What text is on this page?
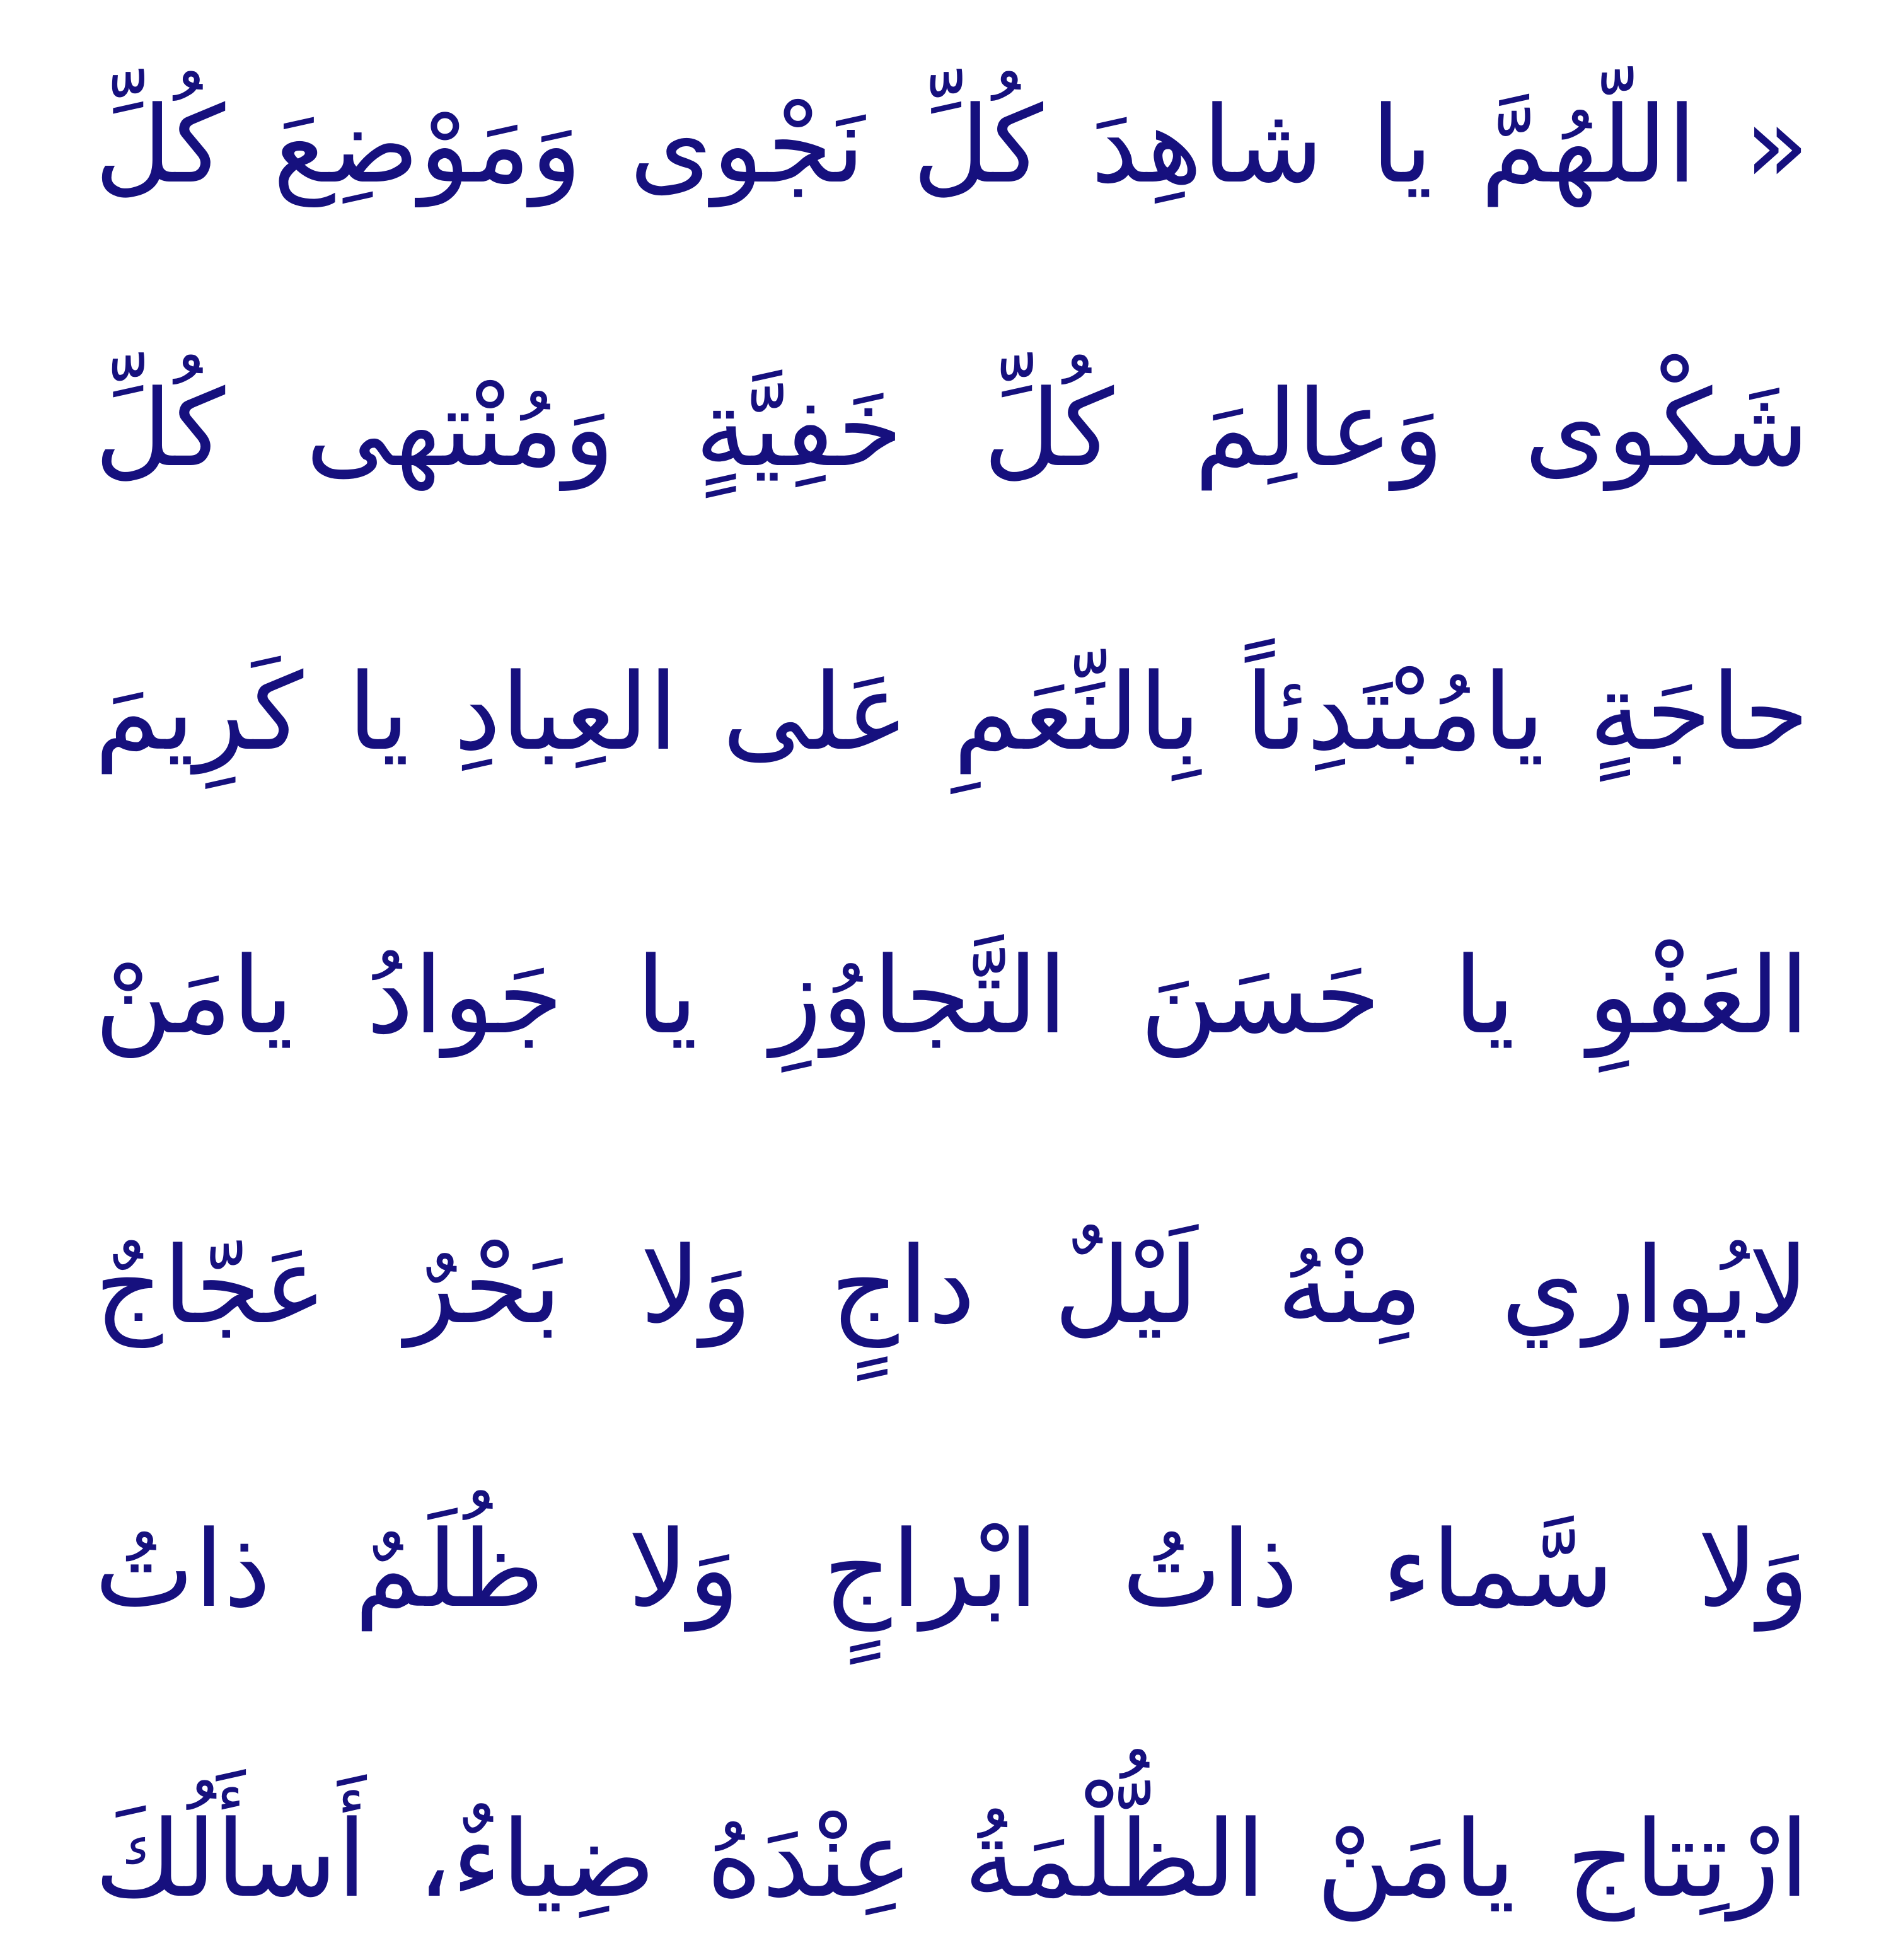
« اللّهُمَّ يا شاهِدَ كُلِّ نَجْوى وَمَوْضِعَ كُلِّ
شَكْوى وَعالِمَ كُلِّ خَفِيَّةٍ وَمُنْتهى كُلِّ
حاجَةٍ يامُبْتَدِئاً بِالنِّعَمِ عَلى العِبادِ يا كَرِيمَ
العَفْوِ يا حَسَنَ التَّجاوُزِ يا جَوادُ يامَنْ
لايُواري مِنْهُ لَيْلٌ داجٍ وَلا بَحْرٌ عَجّاجٌ
وَلا سَّماء ذاتُ ابْراجٍ وَلا ظُلَمٌ ذاتُ
ارْتِتاج يامَنْ الظُّلْمَةُ عِنْدَهُ ضِياءٌ، أَسأَلُكَ
